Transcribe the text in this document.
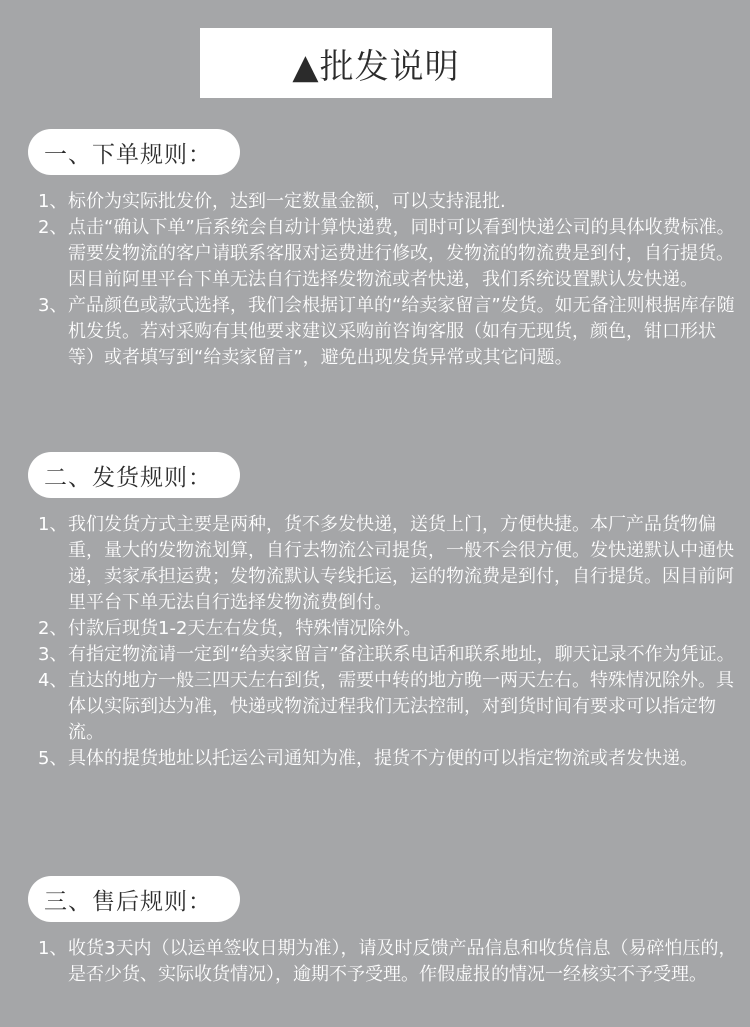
▲批发说明
一、下单规则：
1、 标价为实际批发价，达到一定数量金额，可以支持混批.
2、 点击“确认下单”后系统会自动计算快递费，同时可以看到快递公司的具体收费标准。需要发物流的客户请联系客服对运费进行修改，发物流的物流费是到付，自行提货。因目前阿里平台下单无法自行选择发物流或者快递，我们系统设置默认发快递。
3、 产品颜色或款式选择，我们会根据订单的“给卖家留言”发货。如无备注则根据库存随机发货。若对采购有其他要求建议采购前咨询客服（如有无现货，颜色，钳口形状等）或者填写到“给卖家留言”，避免出现发货异常或其它问题。
二、发货规则：
1、 我们发货方式主要是两种，货不多发快递，送货上门，方便快捷。本厂产品货物偏重，量大的发物流划算，自行去物流公司提货，一般不会很方便。发快递默认中通快递，卖家承担运费；发物流默认专线托运，运的物流费是到付，自行提货。因目前阿里平台下单无法自行选择发物流费倒付。
2、 付款后现货1-2天左右发货，特殊情况除外。
3、 有指定物流请一定到“给卖家留言”备注联系电话和联系地址，聊天记录不作为凭证。
4、 直达的地方一般三四天左右到货，需要中转的地方晚一两天左右。特殊情况除外。具体以实际到达为准，快递或物流过程我们无法控制，对到货时间有要求可以指定物流。
5、 具体的提货地址以托运公司通知为准，提货不方便的可以指定物流或者发快递。
三、售后规则：
1、 收货3天内（以运单签收日期为准），请及时反馈产品信息和收货信息（易碎怕压的，是否少货、实际收货情况），逾期不予受理。作假虚报的情况一经核实不予受理。
